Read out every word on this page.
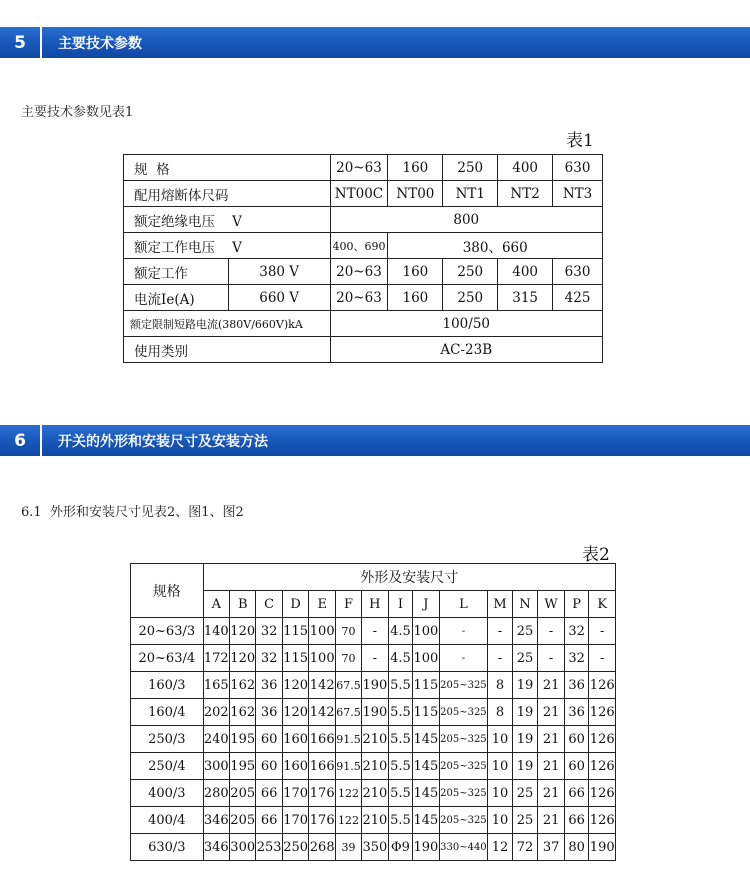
5	主要技术参数
主要技术参数见表1
表1
规  格		20~63	160	250	400	630
配用熔断体尺码		NT00C	NT00	NT1	NT2	NT3
额定绝缘电压    V		800				
额定工作电压    V		400、690	380、660			
额定工作	380 V	20~63	160	250	400	630
电流Ie(A)	660 V	20~63	160	250	315	425
额定限制短路电流(380V/660V)kA		100/50				
使用类别		AC-23B				
6	开关的外形和安装尺寸及安装方法
6.1  外形和安装尺寸见表2、图1、图2
表2
规格	外形及安装尺寸														
	A	B	C	D	E	F	H	I	J	L	M	N	W	P	K
20~63/3	140	120	32	115	100	70	-	4.5	100	-	-	25	-	32	-
20~63/4	172	120	32	115	100	70	-	4.5	100	-	-	25	-	32	-
160/3	165	162	36	120	142	67.5	190	5.5	115	205~325	8	19	21	36	126
160/4	202	162	36	120	142	67.5	190	5.5	115	205~325	8	19	21	36	126
250/3	240	195	60	160	166	91.5	210	5.5	145	205~325	10	19	21	60	126
250/4	300	195	60	160	166	91.5	210	5.5	145	205~325	10	19	21	60	126
400/3	280	205	66	170	176	122	210	5.5	145	205~325	10	25	21	66	126
400/4	346	205	66	170	176	122	210	5.5	145	205~325	10	25	21	66	126
630/3	346	300	253	250	268	39	350	Φ9	190	330~440	12	72	37	80	190
